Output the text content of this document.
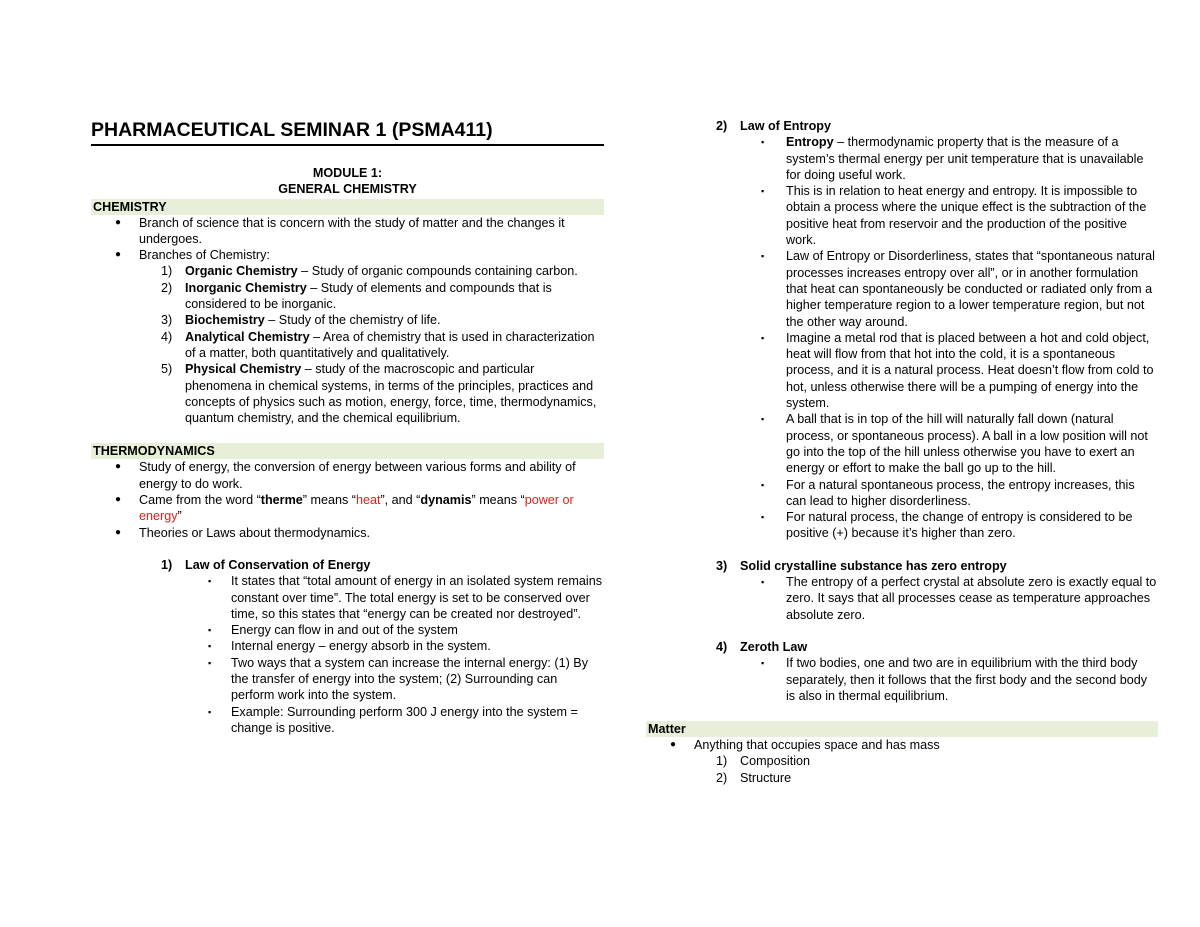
PHARMACEUTICAL SEMINAR 1 (PSMA411)
MODULE 1:
GENERAL CHEMISTRY
CHEMISTRY
● Branch of science that is concern with the study of matter and the changes it undergoes.
● Branches of Chemistry:
1) Organic Chemistry – Study of organic compounds containing carbon.
2) Inorganic Chemistry – Study of elements and compounds that is considered to be inorganic.
3) Biochemistry – Study of the chemistry of life.
4) Analytical Chemistry – Area of chemistry that is used in characterization of a matter, both quantitatively and qualitatively.
5) Physical Chemistry – study of the macroscopic and particular phenomena in chemical systems, in terms of the principles, practices and concepts of physics such as motion, energy, force, time, thermodynamics, quantum chemistry, and the chemical equilibrium.
THERMODYNAMICS
● Study of energy, the conversion of energy between various forms and ability of energy to do work.
● Came from the word “therme” means “heat”, and “dynamis” means “power or energy”
● Theories or Laws about thermodynamics.
1) Law of Conservation of Energy
▪ It states that “total amount of energy in an isolated system remains constant over time”. The total energy is set to be conserved over time, so this states that “energy can be created nor destroyed”.
▪ Energy can flow in and out of the system
▪ Internal energy – energy absorb in the system.
▪ Two ways that a system can increase the internal energy: (1) By the transfer of energy into the system; (2) Surrounding can perform work into the system.
▪ Example: Surrounding perform 300 J energy into the system = change is positive.
2) Law of Entropy
▪ Entropy – thermodynamic property that is the measure of a system’s thermal energy per unit temperature that is unavailable for doing useful work.
▪ This is in relation to heat energy and entropy. It is impossible to obtain a process where the unique effect is the subtraction of the positive heat from reservoir and the production of the positive work.
▪ Law of Entropy or Disorderliness, states that “spontaneous natural processes increases entropy over all”, or in another formulation that heat can spontaneously be conducted or radiated only from a higher temperature region to a lower temperature region, but not the other way around.
▪ Imagine a metal rod that is placed between a hot and cold object, heat will flow from that hot into the cold, it is a spontaneous process, and it is a natural process. Heat doesn’t flow from cold to hot, unless otherwise there will be a pumping of energy into the system.
▪ A ball that is in top of the hill will naturally fall down (natural process, or spontaneous process). A ball in a low position will not go into the top of the hill unless otherwise you have to exert an energy or effort to make the ball go up to the hill.
▪ For a natural spontaneous process, the entropy increases, this can lead to higher disorderliness.
▪ For natural process, the change of entropy is considered to be positive (+) because it’s higher than zero.
3) Solid crystalline substance has zero entropy
▪ The entropy of a perfect crystal at absolute zero is exactly equal to zero. It says that all processes cease as temperature approaches absolute zero.
4) Zeroth Law
▪ If two bodies, one and two are in equilibrium with the third body separately, then it follows that the first body and the second body is also in thermal equilibrium.
Matter
● Anything that occupies space and has mass
1) Composition
2) Structure
